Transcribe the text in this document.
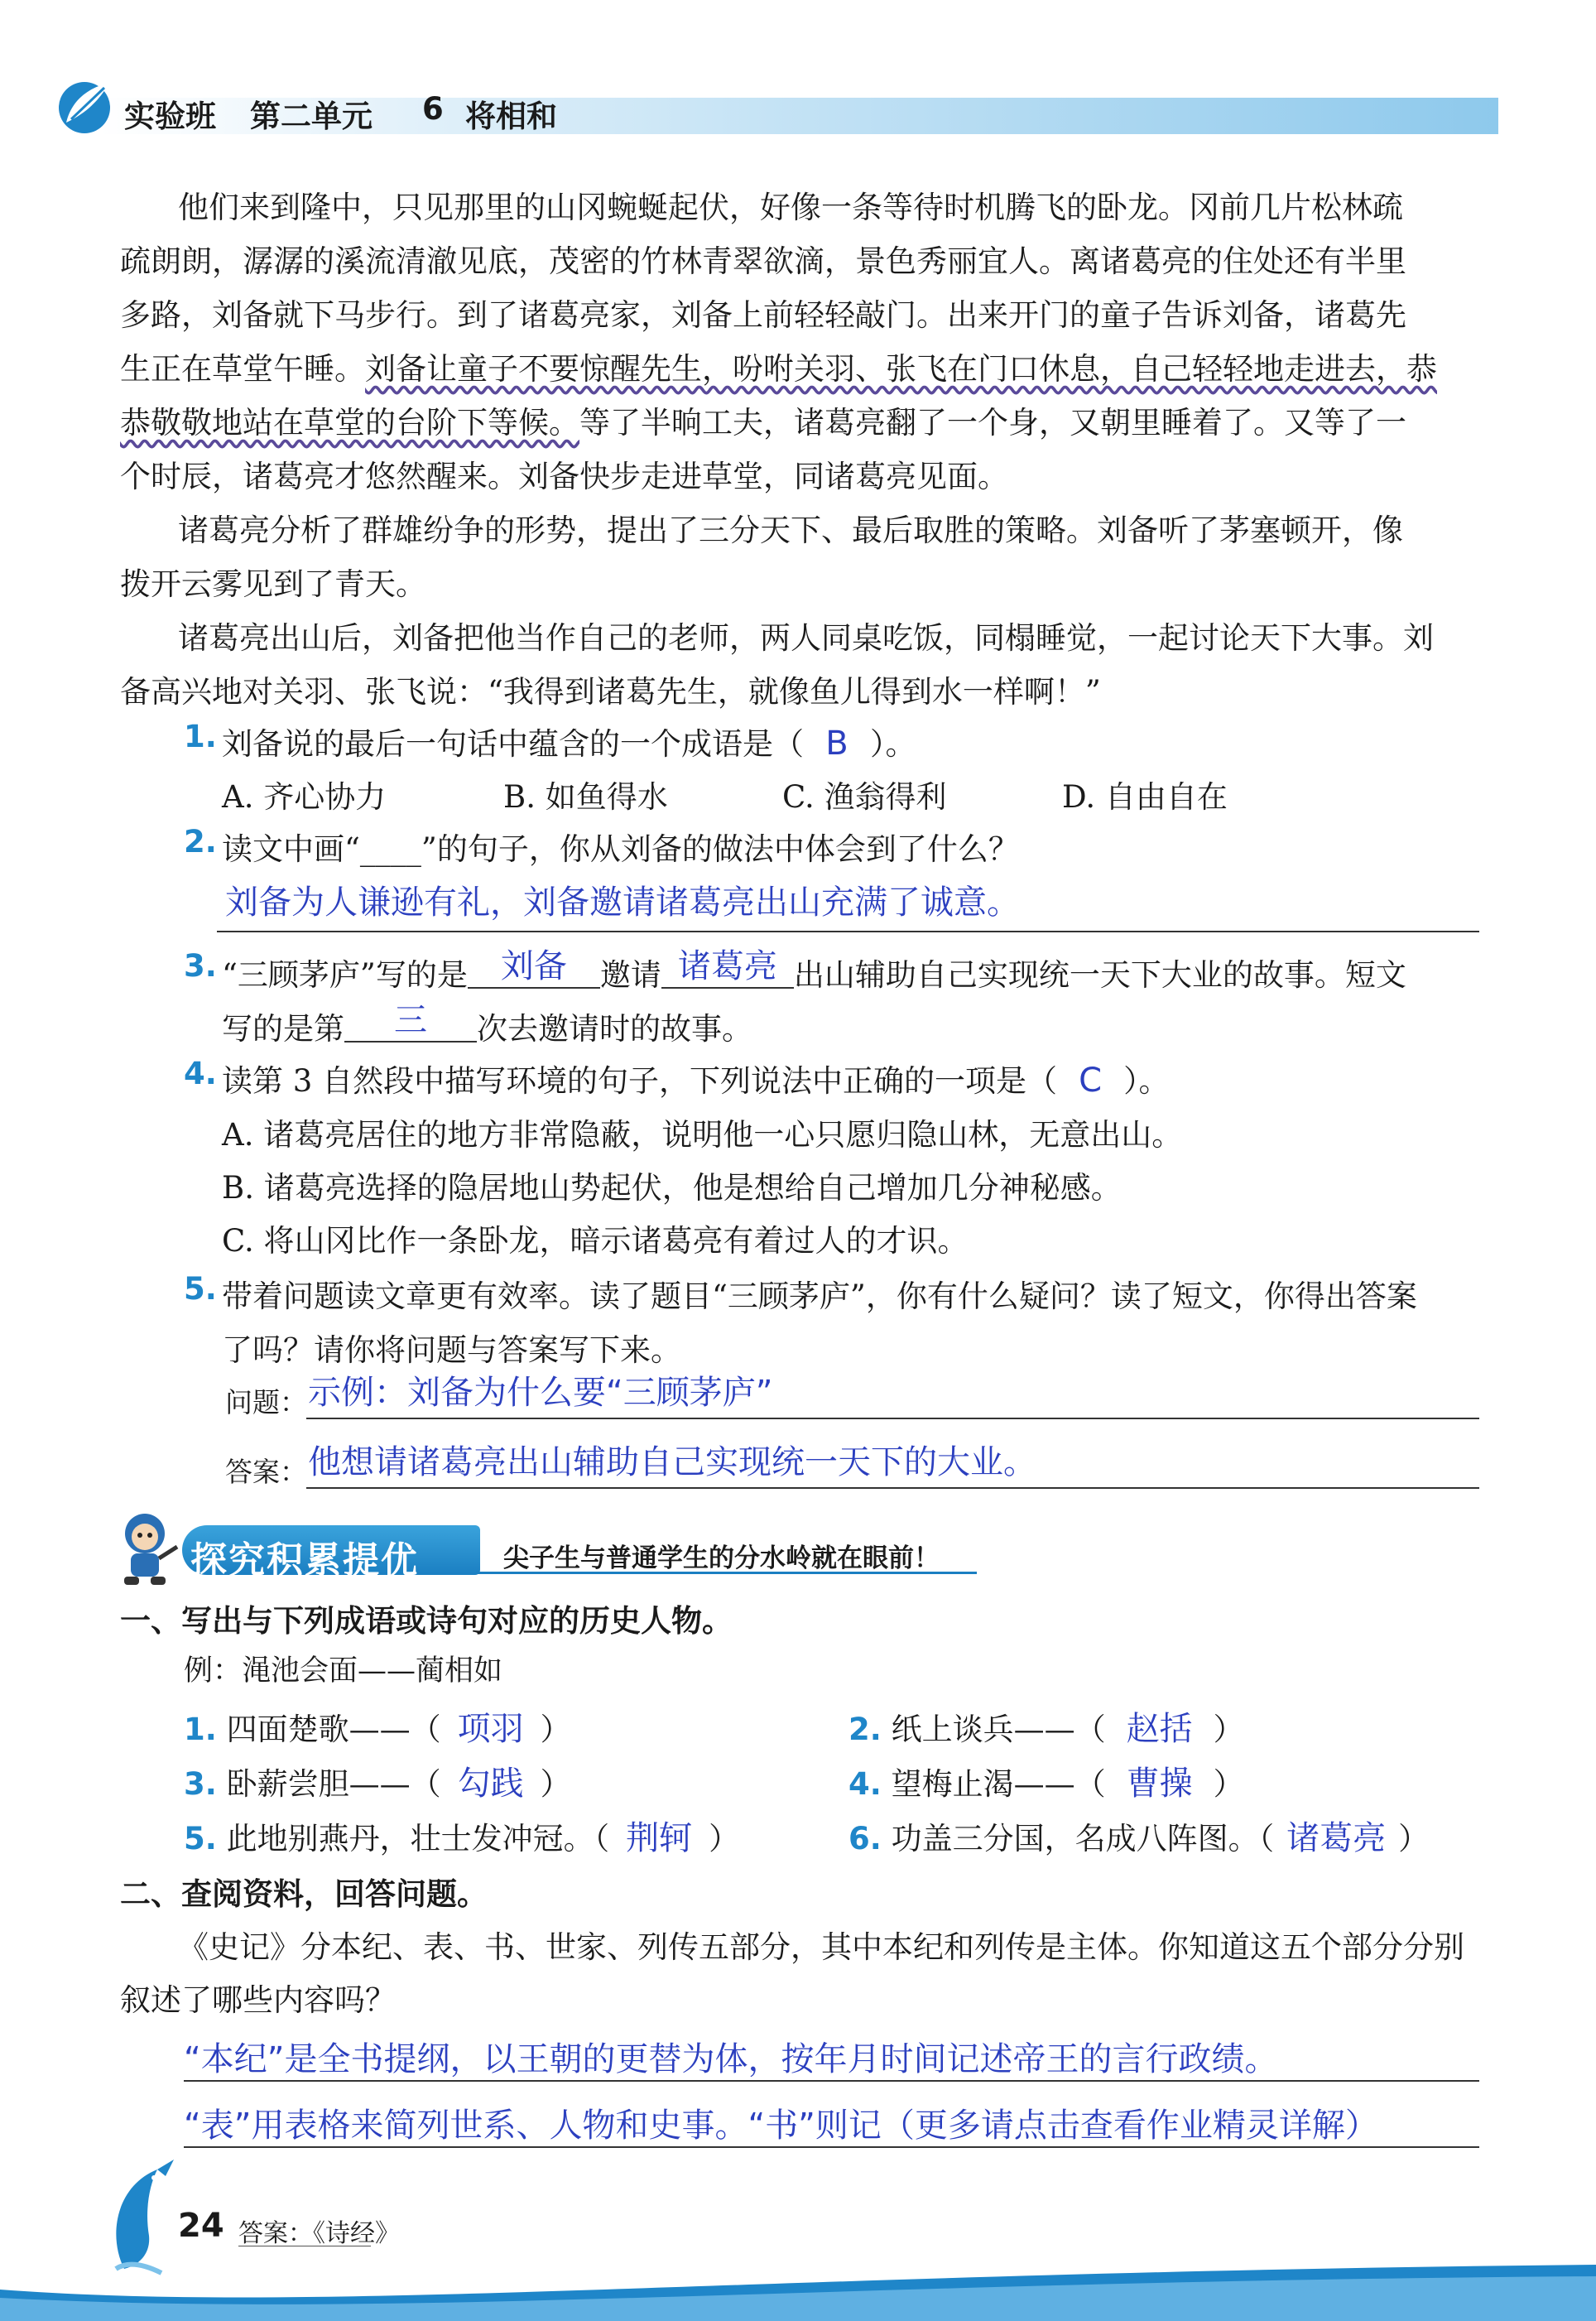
实验班 第二单元 6 将相和
他们来到隆中，只见那里的山冈蜿蜒起伏，好像一条等待时机腾飞的卧龙。冈前几片松林疏
疏朗朗，潺潺的溪流清澈见底，茂密的竹林青翠欲滴，景色秀丽宜人。离诸葛亮的住处还有半里
多路，刘备就下马步行。到了诸葛亮家，刘备上前轻轻敲门。出来开门的童子告诉刘备，诸葛先
生正在草堂午睡。刘备让童子不要惊醒先生，吩咐关羽、张飞在门口休息，自己轻轻地走进去，恭
恭敬敬地站在草堂的台阶下等候。等了半晌工夫，诸葛亮翻了一个身，又朝里睡着了。又等了一
个时辰，诸葛亮才悠然醒来。刘备快步走进草堂，同诸葛亮见面。
诸葛亮分析了群雄纷争的形势，提出了三分天下、最后取胜的策略。刘备听了茅塞顿开，像
拨开云雾见到了青天。
诸葛亮出山后，刘备把他当作自己的老师，两人同桌吃饭，同榻睡觉，一起讨论天下大事。刘
备高兴地对关羽、张飞说：“我得到诸葛先生，就像鱼儿得到水一样啊！”
1. 刘备说的最后一句话中蕴含的一个成语是（ B ）。
A. 齐心协力	B. 如鱼得水	C. 渔翁得利	D. 自由自在
2. 读文中画“____”的句子，你从刘备的做法中体会到了什么？
刘备为人谦逊有礼，刘备邀请诸葛亮出山充满了诚意。
3. “三顾茅庐”写的是 刘备 邀请 诸葛亮 出山辅助自己实现统一天下大业的故事。短文
写的是第 三 次去邀请时的故事。
4. 读第 3 自然段中描写环境的句子，下列说法中正确的一项是（ C ）。
A. 诸葛亮居住的地方非常隐蔽，说明他一心只愿归隐山林，无意出山。
B. 诸葛亮选择的隐居地山势起伏，他是想给自己增加几分神秘感。
C. 将山冈比作一条卧龙，暗示诸葛亮有着过人的才识。
5. 带着问题读文章更有效率。读了题目“三顾茅庐”，你有什么疑问？读了短文，你得出答案
了吗？请你将问题与答案写下来。
问题： 示例：刘备为什么要“三顾茅庐”
答案： 他想请诸葛亮出山辅助自己实现统一天下的大业。
探究积累提优	尖子生与普通学生的分水岭就在眼前！
一、写出与下列成语或诗句对应的历史人物。
例：渑池会面——蔺相如
1. 四面楚歌——（ 项羽 ）	2. 纸上谈兵——（ 赵括 ）
3. 卧薪尝胆——（ 勾践 ）	4. 望梅止渴——（ 曹操 ）
5. 此地别燕丹，壮士发冲冠。（ 荆轲 ）	6. 功盖三分国，名成八阵图。（ 诸葛亮 ）
二、查阅资料，回答问题。
《史记》分本纪、表、书、世家、列传五部分，其中本纪和列传是主体。你知道这五个部分分别
叙述了哪些内容吗？
“本纪”是全书提纲，以王朝的更替为体，按年月时间记述帝王的言行政绩。
“表”用表格来简列世系、人物和史事。“书”则记（更多请点击查看作业精灵详解）
24 答案：《诗经》
